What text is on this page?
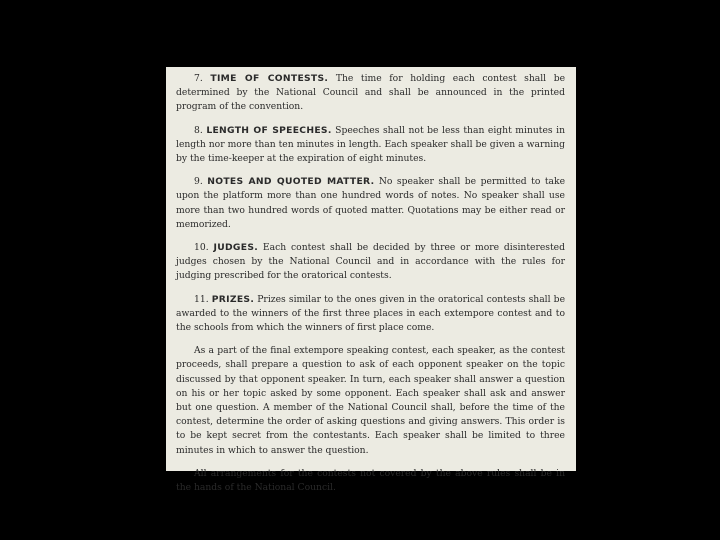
7. TIME OF CONTESTS. The time for holding each contest shall be determined by the National Council and shall be announced in the printed program of the convention.

8. LENGTH OF SPEECHES. Speeches shall not be less than eight minutes in length nor more than ten minutes in length. Each speaker shall be given a warning by the time-keeper at the expiration of eight minutes.

9. NOTES AND QUOTED MATTER. No speaker shall be permitted to take upon the platform more than one hundred words of notes. No speaker shall use more than two hundred words of quoted matter. Quotations may be either read or memorized.

10. JUDGES. Each contest shall be decided by three or more disinterested judges chosen by the National Council and in accordance with the rules for judging prescribed for the oratorical contests.

11. PRIZES. Prizes similar to the ones given in the oratorical contests shall be awarded to the winners of the first three places in each extempore contest and to the schools from which the winners of first place come.

As a part of the final extempore speaking contest, each speaker, as the contest proceeds, shall prepare a question to ask of each opponent speaker on the topic discussed by that opponent speaker. In turn, each speaker shall answer a question on his or her topic asked by some opponent. Each speaker shall ask and answer but one question. A member of the National Council shall, before the time of the contest, determine the order of asking questions and giving answers. This order is to be kept secret from the contestants. Each speaker shall be limited to three minutes in which to answer the question.

All arrangements for the contests not covered by the above rules shall be in the hands of the National Council.
